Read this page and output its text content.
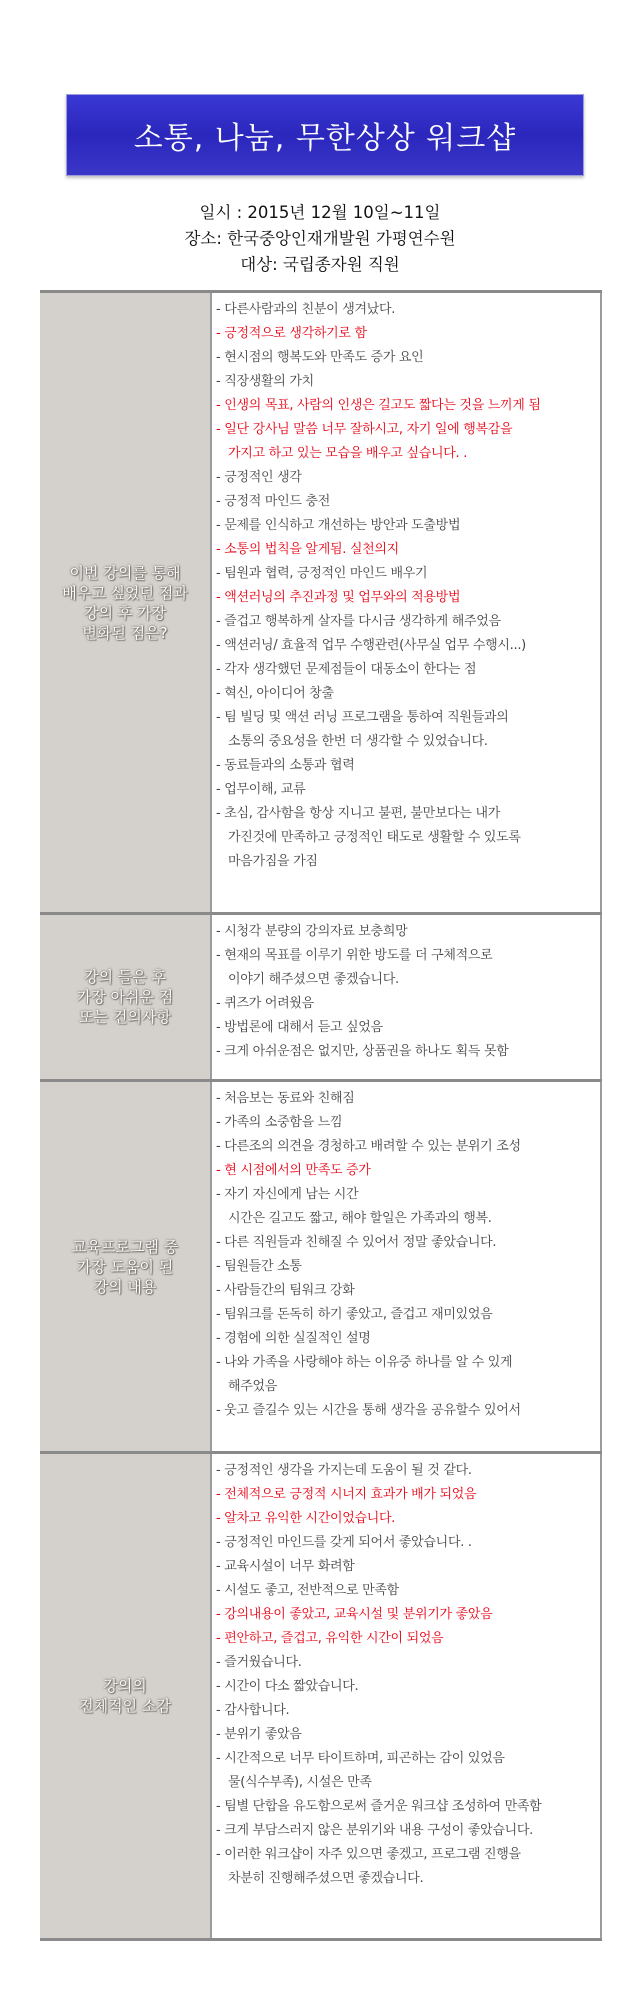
소통, 나눔, 무한상상 워크샵
일시 : 2015년 12월 10일~11일
장소: 한국중앙인재개발원 가평연수원
대상: 국립종자원 직원
이번 강의를 통해
배우고 싶었던 점과
강의 후 가장
변화된 점은?
- 다른사람과의 친분이 생겨났다.
- 긍정적으로 생각하기로 함
- 현시점의 행복도와 만족도 증가 요인
- 직장생활의 가치
- 인생의 목표, 사람의 인생은 길고도 짧다는 것을 느끼게 됨
- 일단 강사님 말씀 너무 잘하시고, 자기 일에 행복감을
가지고 하고 있는 모습을 배우고 싶습니다. .
- 긍정적인 생각
- 긍정적 마인드 충전
- 문제를 인식하고 개선하는 방안과 도출방법
- 소통의 법칙을 알게됨. 실천의지
- 팀원과 협력, 긍정적인 마인드 배우기
- 액션러닝의 추진과정 및 업무와의 적용방법
- 즐겁고 행복하게 살자를 다시금 생각하게 해주었음
- 액션러닝/ 효율적 업무 수행관련(사무실 업무 수행시...)
- 각자 생각했던 문제점들이 대동소이 한다는 점
- 혁신, 아이디어 창출
- 팀 빌딩 및 액션 러닝 프로그램을 통하여 직원들과의
소통의 중요성을 한번 더 생각할 수 있었습니다.
- 동료들과의 소통과 협력
- 업무이해, 교류
- 초심, 감사함을 항상 지니고 불편, 불만보다는 내가
가진것에 만족하고 긍정적인 태도로 생활할 수 있도록
마음가짐을 가짐
강의 들은 후
가장 아쉬운 점
또는 건의사항
- 시청각 분량의 강의자료 보충희망
- 현재의 목표를 이루기 위한 방도를 더 구체적으로
이야기 해주셨으면 좋겠습니다.
- 퀴즈가 어려웠음
- 방법론에 대해서 듣고 싶었음
- 크게 아쉬운점은 없지만, 상품권을 하나도 획득 못함
교육프로그램 중
가장 도움이 된
강의 내용
- 처음보는 동료와 친해짐
- 가족의 소중함을 느낌
- 다른조의 의견을 경청하고 배려할 수 있는 분위기 조성
- 현 시점에서의 만족도 증가
- 자기 자신에게 남는 시간
시간은 길고도 짧고, 해야 할일은 가족과의 행복.
- 다른 직원들과 친해질 수 있어서 정말 좋았습니다.
- 팀원들간 소통
- 사람들간의 팀워크 강화
- 팀워크를 돈독히 하기 좋았고, 즐겁고 재미있었음
- 경험에 의한 실질적인 설명
- 나와 가족을 사랑해야 하는 이유중 하나를 알 수 있게
해주었음
- 웃고 즐길수 있는 시간을 통해 생각을 공유할수 있어서
강의의
전체적인 소감
- 긍정적인 생각을 가지는데 도움이 될 것 같다.
- 전체적으로 긍정적 시너지 효과가 배가 되었음
- 알차고 유익한 시간이었습니다.
- 긍정적인 마인드를 갖게 되어서 좋았습니다. .
- 교육시설이 너무 화려함
- 시설도 좋고, 전반적으로 만족함
- 강의내용이 좋았고, 교육시설 및 분위기가 좋았음
- 편안하고, 즐겁고, 유익한 시간이 되었음
- 즐거웠습니다.
- 시간이 다소 짧았습니다.
- 감사합니다.
- 분위기 좋았음
- 시간적으로 너무 타이트하며, 피곤하는 감이 있었음
물(식수부족), 시설은 만족
- 팀별 단합을 유도함으로써 즐거운 워크샵 조성하여 만족함
- 크게 부담스러지 않은 분위기와 내용 구성이 좋았습니다.
- 이러한 워크샵이 자주 있으면 좋겠고, 프로그램 진행을
차분히 진행해주셨으면 좋겠습니다.
